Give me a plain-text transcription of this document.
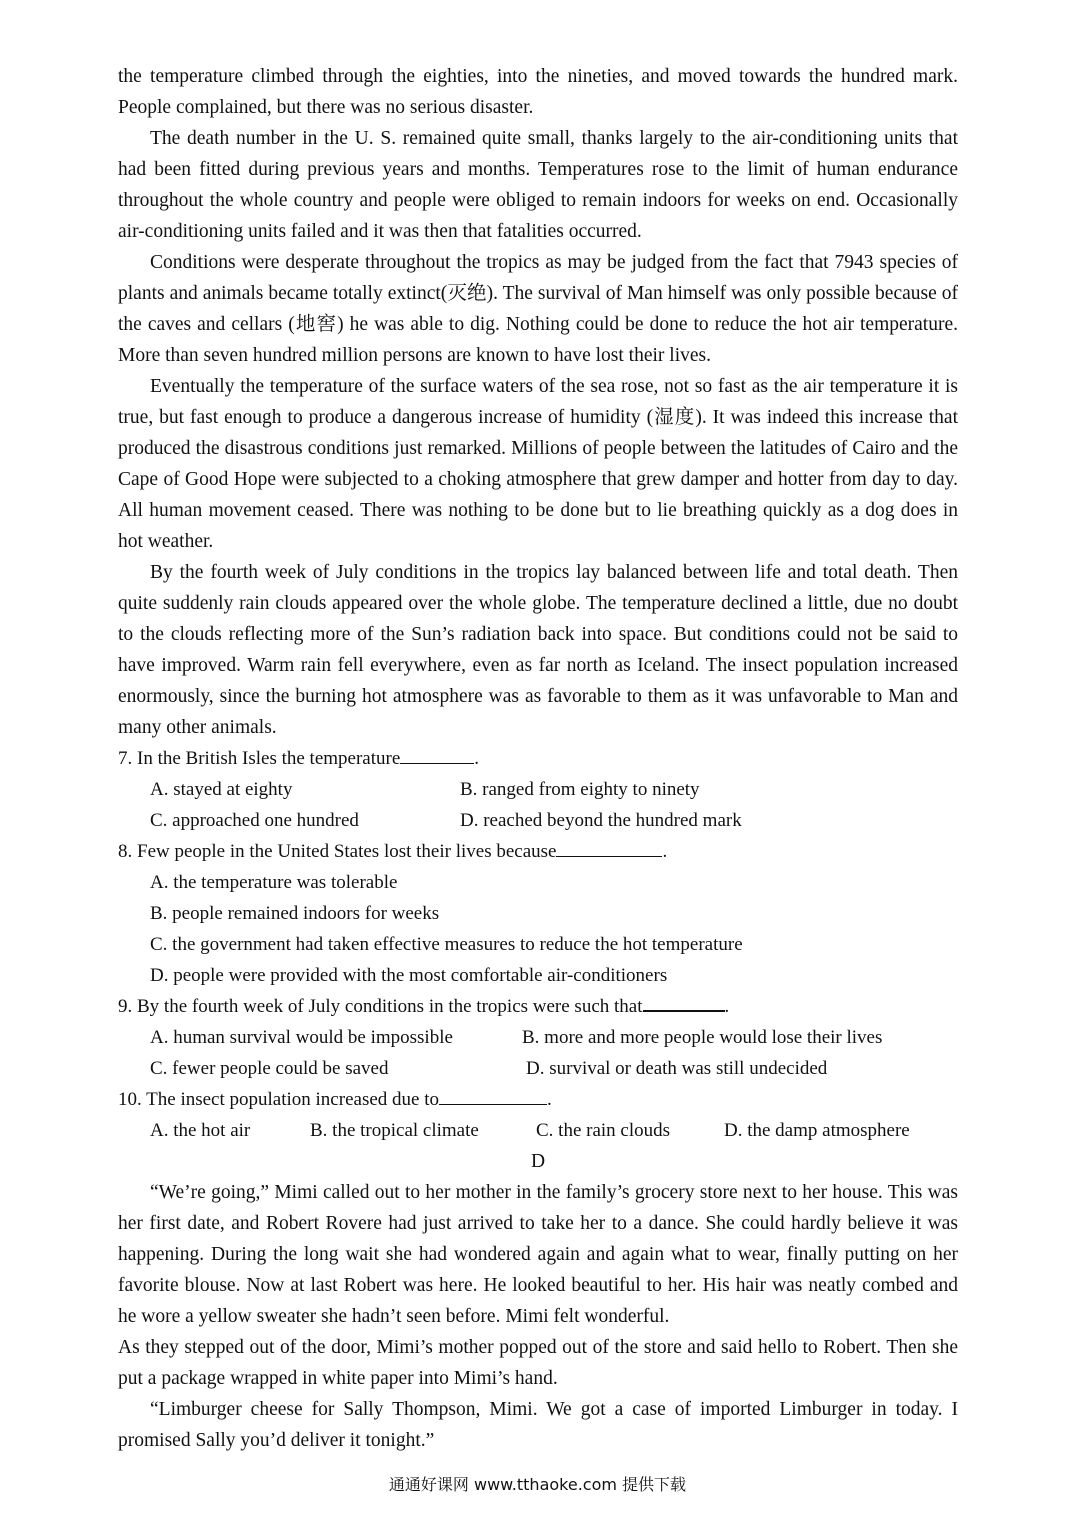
the temperature climbed through the eighties, into the nineties, and moved towards the hundred mark. People complained, but there was no serious disaster.

The death number in the U. S. remained quite small, thanks largely to the air-conditioning units that had been fitted during previous years and months. Temperatures rose to the limit of human endurance throughout the whole country and people were obliged to remain indoors for weeks on end. Occasionally air-conditioning units failed and it was then that fatalities occurred.

Conditions were desperate throughout the tropics as may be judged from the fact that 7943 species of plants and animals became totally extinct(灭绝). The survival of Man himself was only possible because of the caves and cellars (地窖) he was able to dig. Nothing could be done to reduce the hot air temperature. More than seven hundred million persons are known to have lost their lives.

Eventually the temperature of the surface waters of the sea rose, not so fast as the air temperature it is true, but fast enough to produce a dangerous increase of humidity (湿度). It was indeed this increase that produced the disastrous conditions just remarked. Millions of people between the latitudes of Cairo and the Cape of Good Hope were subjected to a choking atmosphere that grew damper and hotter from day to day. All human movement ceased. There was nothing to be done but to lie breathing quickly as a dog does in hot weather.

By the fourth week of July conditions in the tropics lay balanced between life and total death. Then quite suddenly rain clouds appeared over the whole globe. The temperature declined a little, due no doubt to the clouds reflecting more of the Sun’s radiation back into space. But conditions could not be said to have improved. Warm rain fell everywhere, even as far north as Iceland. The insect population increased enormously, since the burning hot atmosphere was as favorable to them as it was unfavorable to Man and many other animals.

7. In the British Isles the temperature	.

A. stayed at eighty	B. ranged from eighty to ninety
C. approached one hundred	D. reached beyond the hundred mark

8. Few people in the United States lost their lives because	.

A. the temperature was tolerable
B. people remained indoors for weeks
C. the government had taken effective measures to reduce the hot temperature
D. people were provided with the most comfortable air-conditioners

9. By the fourth week of July conditions in the tropics were such that	.

A. human survival would be impossible	B. more and more people would lose their lives
C. fewer people could be saved	D. survival or death was still undecided

10. The insect population increased due to	.

A. the hot air	B. the tropical climate	C. the rain clouds	D. the damp atmosphere

D

“We’re going,” Mimi called out to her mother in the family’s grocery store next to her house. This was her first date, and Robert Rovere had just arrived to take her to a dance. She could hardly believe it was happening. During the long wait she had wondered again and again what to wear, finally putting on her favorite blouse. Now at last Robert was here. He looked beautiful to her. His hair was neatly combed and he wore a yellow sweater she hadn’t seen before. Mimi felt wonderful.

As they stepped out of the door, Mimi’s mother popped out of the store and said hello to Robert. Then she put a package wrapped in white paper into Mimi’s hand.

“Limburger cheese for Sally Thompson, Mimi. We got a case of imported Limburger in today. I promised Sally you’d deliver it tonight.”

通通好课网 www.tthaoke.com 提供下载
